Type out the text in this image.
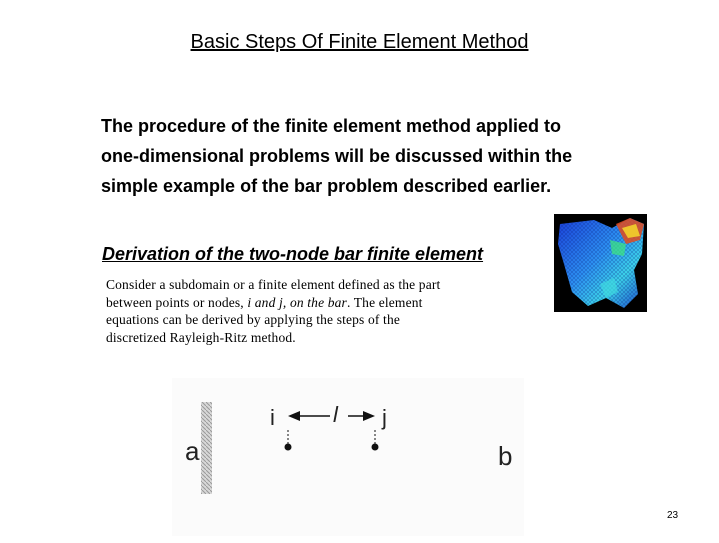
Basic Steps Of Finite Element Method
The procedure of the finite element method applied to
one-dimensional problems will be discussed within the
simple example of the bar problem described earlier.
Derivation of the two-node bar finite element
Consider a subdomain or a finite element defined as the part
between points or nodes, i and j, on the bar. The element
equations can be derived by applying the steps of the
discretized Rayleigh-Ritz method.
a	b
i	j
l
23
